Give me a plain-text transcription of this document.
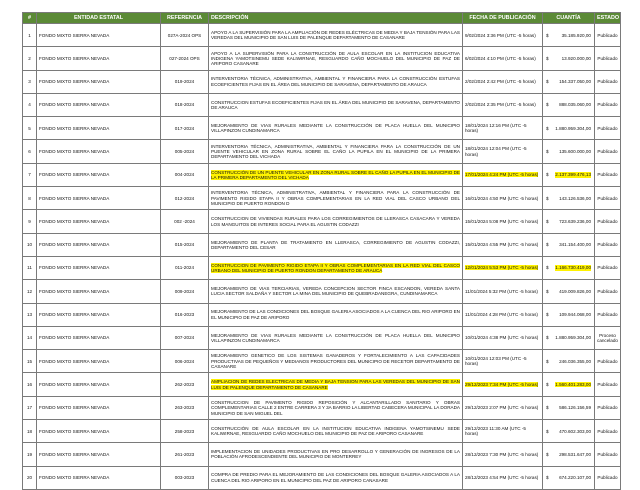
#	ENTIDAD ESTATAL	REFERENCIA	DESCRIPCIÓN	FECHA DE PUBLICACIÓN	CUANTÍA	ESTADO
1	FONDO MIXTO SIERRA NEVADA	027A-2024 OPS	APOYO A LA SUPERVISIÓN PARA LA AMPLIACIÓN DE REDES ELÉCTRICAS DE MEDIA Y BAJA TENSIÓN PARA LAS VEREDAS DEL MUNICIPIO DE SAN LUIS DE PALENQUE DEPARTAMENTO DE CASANARE	9/02/2024 3:36 PM (UTC -5 horas)	$ 35.185.920,00	Publicado
2	FONDO MIXTO SIERRA NEVADA	027-2024 OPS	APOYO A LA SUPERVISIÓN PARA LA CONSTRUCCIÓN DE AULA ESCOLAR EN LA INSTITUCION EDUCATIVA INDIGENA YAMOTSINEMU SEDE KALIWIRNAE, RESGUARDO CAÑO MOCHUELO DEL MUNICIPIO DE PAZ DE ARIPORO CASANARE	6/02/2024 4:10 PM (UTC -5 horas)	$ 13.920.000,00	Publicado
3	FONDO MIXTO SIERRA NEVADA	019-2024	INTERVENTORIA TÉCNICA, ADMINISTRATIVA, AMBIENTAL Y FINANCIERA PARA LA CONSTRUCCIÓN ESTUFAS ECOEFICIENTES FIJAS EN EL ÁREA DEL MUNICIPIO DE SARAVENA, DEPARTAMENTO DE ARAUCA	2/02/2024 2:42 PM (UTC -5 horas)	$ 154.337.050,00	Publicado
4	FONDO MIXTO SIERRA NEVADA	018-2024	CONSTRUCCION ESTUFAS ECOEFICIENTES FIJAS EN EL ÁREA DEL MUNICIPIO DE SARAVENA, DEPARTAMENTO DE ARAUCA	2/02/2024 2:35 PM (UTC -5 horas)	$ 888.035.060,00	Publicado
5	FONDO MIXTO SIERRA NEVADA	017-2024	MEJORAMIENTO DE VIAS RURALES MEDIANTE LA CONSTRUCCIÓN DE PLACA HUELLA DEL MUNICIPIO VILLAPINZON CUNDINAMARCA	18/01/2024 12:16 PM (UTC -5 horas)	$ 1.880.959.304,00	Publicado
6	FONDO MIXTO SIERRA NEVADA	005-2024	INTERVENTORIA TÉCNICA, ADMINISTRATIVA, AMBIENTAL Y FINANCIERA PARA LA CONSTRUCCIÓN DE UN PUENTE VEHICULAR EN ZONA RURAL SOBRE EL CAÑO LA PUPILA EN EL MUNICIPIO DE LA PRIMERA DEPARTAMENTO DEL VICHADA	18/01/2024 12:04 PM (UTC -5 horas)	$ 135.600.000,00	Publicado
7	FONDO MIXTO SIERRA NEVADA	004-2024	CONSTRUCCIÓN DE UN PUENTE VEHICULAR EN ZONA RURAL SOBRE EL CAÑO LA PUPILA EN EL MUNICIPIO DE LA PRIMERA DEPARTAMENTO DEL VICHADA	17/01/2024 4:24 PM (UTC -5 horas)	$ 2.137.399.476,13	Publicado
8	FONDO MIXTO SIERRA NEVADA	012-2024	INTERVENTORIA TÉCNICA, ADMINISTRATIVA, AMBIENTAL Y FINANCIERA PARA LA CONSTRUCCIÓN DE PAVIMENTO RIGIDO ETAPA II Y OBRAS COMPLEMENTARIAS EN LA RED VIAL DEL CASCO URBANO DEL MUNICIPIO DE PUERTO RONDON D	16/01/2024 4:50 PM (UTC -5 horas)	$ 143.126.536,00	Publicado
9	FONDO MIXTO SIERRA NEVADA	002 -2024	CONSTRUCCION DE VIVIENDAS RURALES PARA LOS CORREGIMIENTOS DE LLERASCA CASACARA Y VEREDA LOS MANGUITOS DE INTERES SOCIAL PARA EL AGUSTIN CODAZZI	15/01/2024 5:08 PM (UTC -5 horas)	$ 723.639.236,00	Publicado
10	FONDO MIXTO SIERRA NEVADA	015-2024	MEJORAMIENTO DE PLANTA DE TRATAMIENTO EN LLERASCA, CORREGIMIENTO DE AGUSTIN CODAZZI, DEPARTAMENTO DEL CESAR	15/01/2024 4:55 PM (UTC -5 horas)	$ 341.154.400,00	Publicado
11	FONDO MIXTO SIERRA NEVADA	011-2024	CONSTRUCCION DE PAVIMENTO RIGIDO ETAPA II Y OBRAS COMPLEMENTARIAS EN LA RED VIAL DEL CASCO URBANO DEL MUNICIPIO DE PUERTO RONDON DEPARTAMENTO DE ARAUCA	12/01/2024 5:53 PM (UTC -5 horas)	$ 1.166.730.419,00	Publicado
12	FONDO MIXTO SIERRA NEVADA	009-2024	MEJORAMIENTO DE VIAS TERCIARIAS, VEREDA CONCEPCION SECTOR FINCA ESCANDON, VEREDA SANTA LUCIA SECTOR SALDAÑA Y SECTOR LA MINA DEL MUNICIPIO DE QUEBRADANEGRA, CUNDINAMARCA	11/01/2024 5:32 PM (UTC -5 horas)	$ 419.009.826,00	Publicado
13	FONDO MIXTO SIERRA NEVADA	016-2023	MEJORAMIENTO DE LAS CONDICIONES DEL BOSQUE GALERIA ASOCIADOS A LA CUENCA DEL RIO ARIPORO EN EL MUNICIPIO DE PAZ DE ARIPORO	11/01/2024 4:28 PM (UTC -5 horas)	$ 109.944.068,00	Publicado
14	FONDO MIXTO SIERRA NEVADA	007-2024	MEJORAMIENTO DE VIAS RURALES MEDIANTE LA CONSTRUCCIÓN DE PLACA HUELLA DEL MUNICIPIO VILLAPINZON CUNDINAMARCA	10/01/2024 4:38 PM (UTC -5 horas)	$ 1.880.959.304,00	Proceso cancelado
15	FONDO MIXTO SIERRA NEVADA	006-2024	MEJORAMIENTO GENETICO DE LOS SISTEMAS GANADEROS Y FORTALECIMIENTO A LAS CAPACIDADES PRODUCTIVAS DE PEQUEÑOS Y MEDIANOS PRODUCTORES DEL MUNICIPIO DE RECETOR DEPARTAMENTO DE CASANARE	10/01/2024 12:03 PM (UTC -5 horas)	$ 246.036.355,00	Publicado
16	FONDO MIXTO SIERRA NEVADA	262-2023	AMPLIACION DE REDES ELECTRICAS DE MEDIA Y BAJA TENSION PARA LAS VEREDAS DEL MUNICIPIO DE SAN LUIS DE PALENQUE DEPARTAMENTO DE CASANARE	29/12/2023 7:34 PM (UTC -5 horas)	$ 1.560.401.283,00	Publicado
17	FONDO MIXTO SIERRA NEVADA	263-2023	CONSTRUCCION DE PAVIMENTO RIGIDO REPOSICIÓN Y ALCANTARILLADO SANITARIO Y OBRAS COMPLEMENTARIAS CALLE 2 ENTRE CARRERA 3 Y 3A BARRIO LA LIBERTAD CABECERA MUNICIPAL LA DORADA MUNICIPIO DE SAN MIGUEL DEL	29/12/2023 2:07 PM (UTC -5 horas)	$ 586.126.156,59	Publicado
18	FONDO MIXTO SIERRA NEVADA	258-2023	CONSTRUCCIÓN DE AULA ESCOLAR EN LA INSTITUCION EDUCATIVA INDIGENA YAMOTSINEMU SEDE KALIWIRNAE, RESGUARDO CAÑO MOCHUELO DEL MUNICIPIO DE PAZ DE ARIPORO CASANARE	29/12/2023 11:30 AM (UTC -5 horas)	$ 470.602.303,00	Publicado
19	FONDO MIXTO SIERRA NEVADA	261-2023	IMPLEMENTACION DE UNIDADES PRODUCTIVAS EN PRO DESARROLLO Y GENERACIÓN DE INGRESOS DE LA POBLACIÓN AFRODESCENDIENTE DEL MUNICIPIO DE MONTERREY	28/12/2023 7:30 PM (UTC -5 horas)	$ 298.531.647,00	Publicado
20	FONDO MIXTO SIERRA NEVADA	003-2023	COMPRA DE PREDIO PARA EL MEJORAMIENTO DE LAS CONDICIONES DEL BOSQUE GALERIA ASOCIADOS A LA CUENCA DEL RIO ARIPORO EN EL MUNICIPIO DEL PAZ DE ARIPORO CANASARE	28/12/2023 4:54 PM (UTC -5 horas)	$ 674.220.107,00	Publicado
